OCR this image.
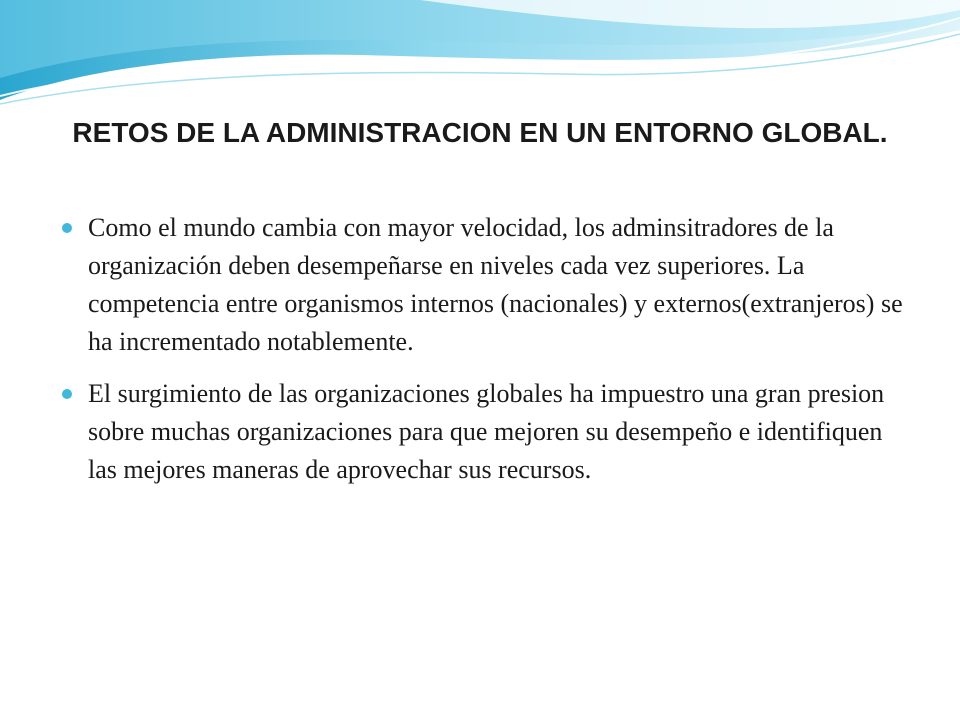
RETOS DE LA ADMINISTRACION EN UN ENTORNO GLOBAL.
Como el mundo cambia con mayor velocidad, los adminsitradores de la organización deben desempeñarse en niveles cada vez superiores. La competencia entre organismos internos (nacionales) y externos(extranjeros) se ha incrementado notablemente.
El surgimiento de las organizaciones globales ha impuestro una gran presion sobre muchas organizaciones para que mejoren su desempeño e identifiquen las mejores maneras de aprovechar sus recursos.
